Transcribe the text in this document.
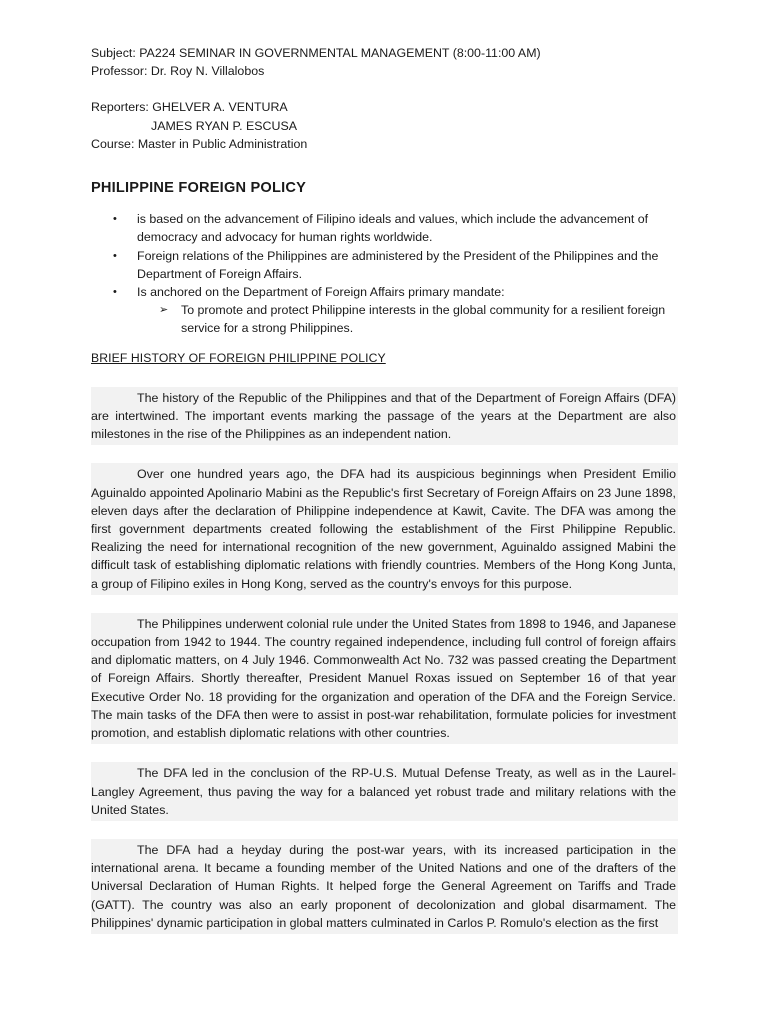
Subject: PA224 SEMINAR IN GOVERNMENTAL MANAGEMENT (8:00-11:00 AM)

Professor: Dr. Roy N. Villalobos

Reporters: GHELVER A. VENTURA

JAMES RYAN P. ESCUSA

Course: Master in Public Administration

PHILIPPINE FOREIGN POLICY
• is based on the advancement of Filipino ideals and values, which include the advancement of democracy and advocacy for human rights worldwide.
• Foreign relations of the Philippines are administered by the President of the Philippines and the Department of Foreign Affairs.
• Is anchored on the Department of Foreign Affairs primary mandate:
➢ To promote and protect Philippine interests in the global community for a resilient foreign service for a strong Philippines.

BRIEF HISTORY OF FOREIGN PHILIPPINE POLICY

The history of the Republic of the Philippines and that of the Department of Foreign Affairs (DFA) are intertwined. The important events marking the passage of the years at the Department are also milestones in the rise of the Philippines as an independent nation.

Over one hundred years ago, the DFA had its auspicious beginnings when President Emilio Aguinaldo appointed Apolinario Mabini as the Republic's first Secretary of Foreign Affairs on 23 June 1898, eleven days after the declaration of Philippine independence at Kawit, Cavite. The DFA was among the first government departments created following the establishment of the First Philippine Republic. Realizing the need for international recognition of the new government, Aguinaldo assigned Mabini the difficult task of establishing diplomatic relations with friendly countries. Members of the Hong Kong Junta, a group of Filipino exiles in Hong Kong, served as the country's envoys for this purpose.

The Philippines underwent colonial rule under the United States from 1898 to 1946, and Japanese occupation from 1942 to 1944. The country regained independence, including full control of foreign affairs and diplomatic matters, on 4 July 1946. Commonwealth Act No. 732 was passed creating the Department of Foreign Affairs. Shortly thereafter, President Manuel Roxas issued on September 16 of that year Executive Order No. 18 providing for the organization and operation of the DFA and the Foreign Service. The main tasks of the DFA then were to assist in post-war rehabilitation, formulate policies for investment promotion, and establish diplomatic relations with other countries.

The DFA led in the conclusion of the RP-U.S. Mutual Defense Treaty, as well as in the Laurel-Langley Agreement, thus paving the way for a balanced yet robust trade and military relations with the United States.

The DFA had a heyday during the post-war years, with its increased participation in the international arena. It became a founding member of the United Nations and one of the drafters of the Universal Declaration of Human Rights. It helped forge the General Agreement on Tariffs and Trade (GATT). The country was also an early proponent of decolonization and global disarmament. The Philippines' dynamic participation in global matters culminated in Carlos P. Romulo's election as the first
